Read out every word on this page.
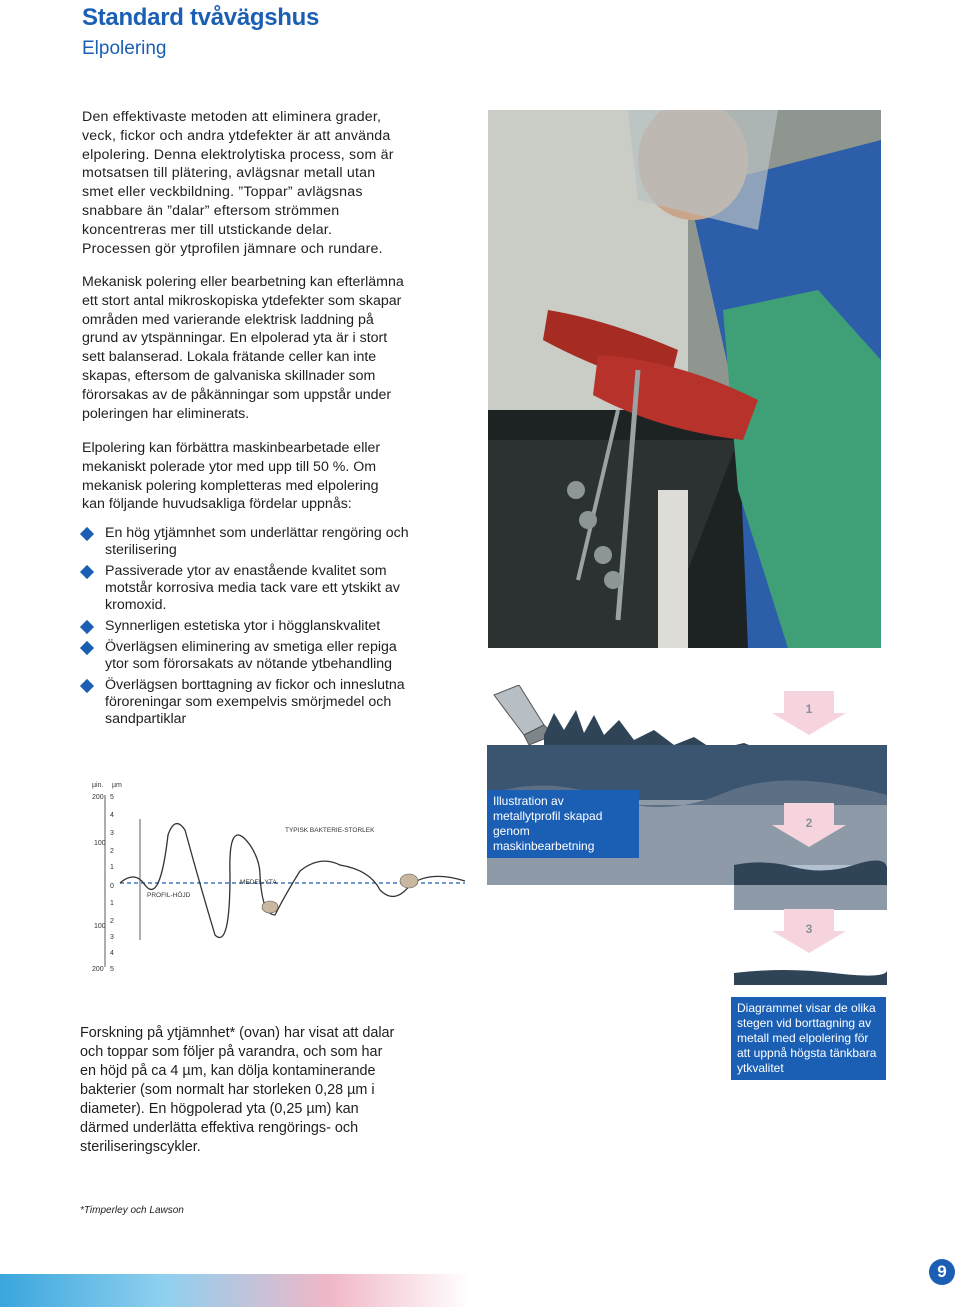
Standard tvåvägshus
Elpolering
Den effektivaste metoden att eliminera grader, veck, fickor och andra ytdefekter är att använda elpolering. Denna elektrolytiska process, som är motsatsen till plätering, avlägsnar metall utan smet eller veckbildning. ”Toppar” avlägsnas snabbare än ”dalar” eftersom strömmen koncentreras mer till utstickande delar. Processen gör ytprofilen jämnare och rundare.
Mekanisk polering eller bearbetning kan efterlämna ett stort antal mikroskopiska ytdefekter som skapar områden med varierande elektrisk laddning på grund av ytspänningar. En elpolerad yta är i stort sett balanserad. Lokala frätande celler kan inte skapas, eftersom de galvaniska skillnader som förorsakas av de påkänningar som uppstår under poleringen har eliminerats.
Elpolering kan förbättra maskinbearbetade eller mekaniskt polerade ytor med upp till 50 %. Om mekanisk polering kompletteras med elpolering kan följande huvudsakliga fördelar uppnås:
En hög ytjämnhet som underlättar rengöring och sterilisering
Passiverade ytor av enastående kvalitet som motstår korrosiva media tack vare ett ytskikt av kromoxid.
Synnerligen estetiska ytor i högglanskvalitet
Överlägsen eliminering av smetiga eller repiga ytor som förorsakats av nötande ytbehandling
Överlägsen borttagning av fickor och inneslutna föroreningar som exempelvis smörjmedel och sandpartiklar
1
2
3
Illustration av metallytprofil skapad genom maskinbearbetning
Diagrammet visar de olika stegen vid borttagning av metall med elpolering för att uppnå högsta tänkbara ytkvalitet
µin. µm
200
100
100
200
5
4
3
2
1
0
1
2
3
4
5
TYPISK BAKTERIE-STORLEK
MEDEL-YTA
PROFIL-HÖJD
Forskning på ytjämnhet* (ovan) har visat att dalar och toppar som följer på varandra, och som har en höjd på ca 4 µm, kan dölja kontaminerande bakterier (som normalt har storleken 0,28 µm i diameter). En högpolerad yta (0,25 µm) kan därmed underlätta effektiva rengörings- och steriliseringscykler.
*Timperley och Lawson
9
